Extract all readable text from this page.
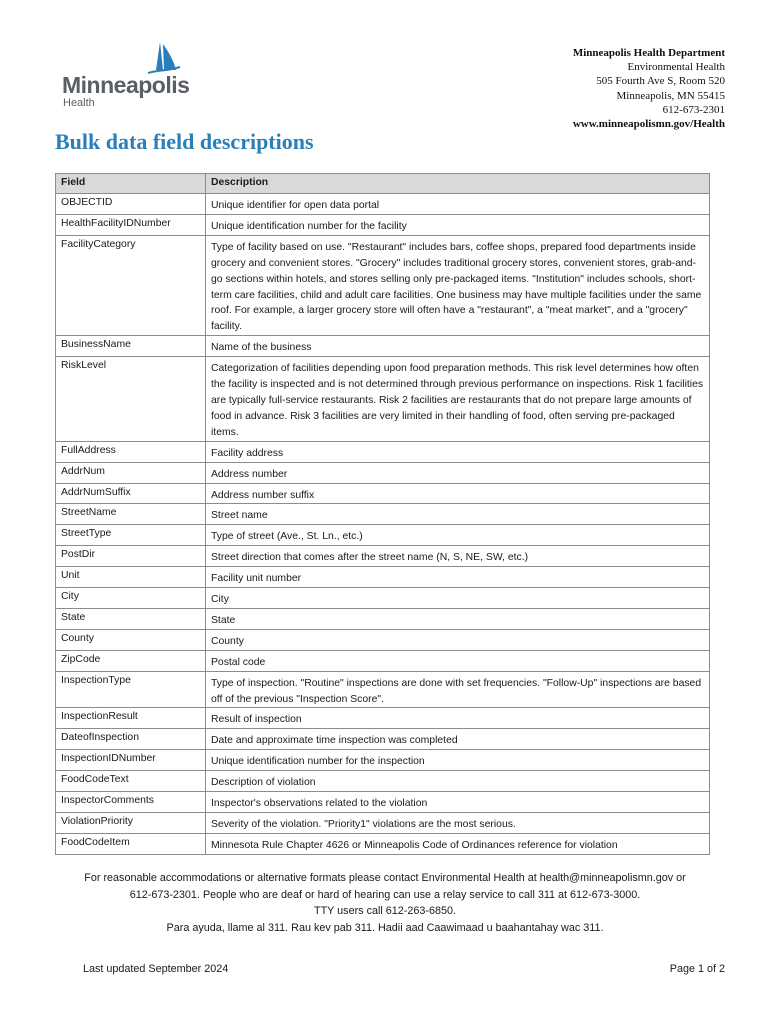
Minneapolis
Health
Minneapolis Health Department
Environmental Health
505 Fourth Ave S, Room 520
Minneapolis, MN 55415
612-673-2301
www.minneapolismn.gov/Health
Bulk data field descriptions
Field	Description
OBJECTID	Unique identifier for open data portal
HealthFacilityIDNumber	Unique identification number for the facility
FacilityCategory	Type of facility based on use. "Restaurant" includes bars, coffee shops, prepared food departments inside grocery and convenient stores. "Grocery" includes traditional grocery stores, convenient stores, grab-and-go sections within hotels, and stores selling only pre-packaged items. "Institution" includes schools, short-term care facilities, child and adult care facilities. One business may have multiple facilities under the same roof. For example, a larger grocery store will often have a "restaurant", a "meat market", and a "grocery" facility.
BusinessName	Name of the business
RiskLevel	Categorization of facilities depending upon food preparation methods. This risk level determines how often the facility is inspected and is not determined through previous performance on inspections. Risk 1 facilities are typically full-service restaurants. Risk 2 facilities are restaurants that do not prepare large amounts of food in advance. Risk 3 facilities are very limited in their handling of food, often serving pre-packaged items.
FullAddress	Facility address
AddrNum	Address number
AddrNumSuffix	Address number suffix
StreetName	Street name
StreetType	Type of street (Ave., St. Ln., etc.)
PostDir	Street direction that comes after the street name (N, S, NE, SW, etc.)
Unit	Facility unit number
City	City
State	State
County	County
ZipCode	Postal code
InspectionType	Type of inspection. "Routine" inspections are done with set frequencies. "Follow-Up" inspections are based off of the previous "Inspection Score".
InspectionResult	Result of inspection
DateofInspection	Date and approximate time inspection was completed
InspectionIDNumber	Unique identification number for the inspection
FoodCodeText	Description of violation
InspectorComments	Inspector's observations related to the violation
ViolationPriority	Severity of the violation. "Priority1" violations are the most serious.
FoodCodeItem	Minnesota Rule Chapter 4626 or Minneapolis Code of Ordinances reference for violation
For reasonable accommodations or alternative formats please contact Environmental Health at health@minneapolismn.gov or
612-673-2301. People who are deaf or hard of hearing can use a relay service to call 311 at 612-673-3000.
TTY users call 612-263-6850.
Para ayuda, llame al 311. Rau kev pab 311. Hadii aad Caawimaad u baahantahay wac 311.
Last updated September 2024	Page 1 of 2
